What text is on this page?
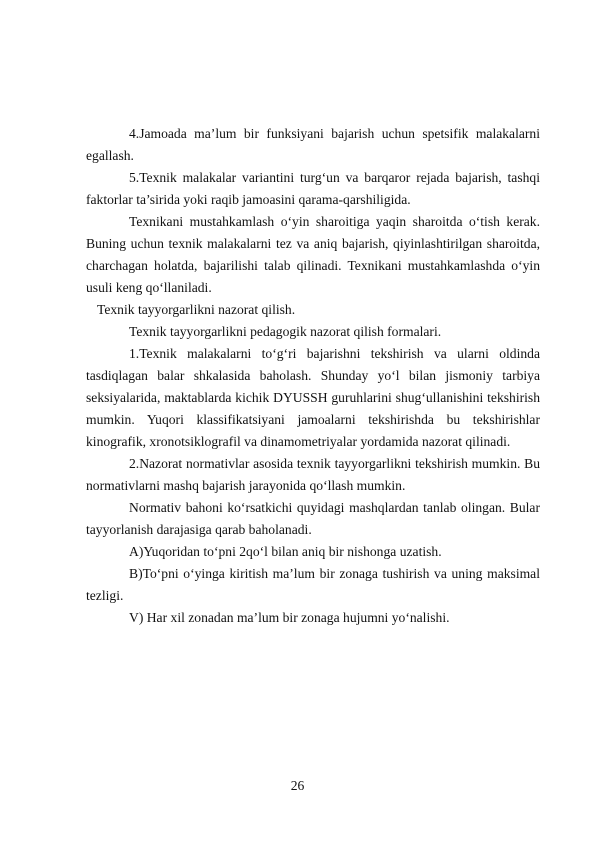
4.Jamoada ma’lum bir funksiyani bajarish uchun spetsifik malakalarni egallash.

5.Texnik malakalar variantini turg‘un va barqaror rejada bajarish, tashqi faktorlar ta’sirida yoki raqib jamoasini qarama-qarshiligida.

Texnikani mustahkamlash o‘yin sharoitiga yaqin sharoitda o‘tish kerak. Buning uchun texnik malakalarni tez va aniq bajarish, qiyinlashtirilgan sharoitda, charchagan holatda, bajarilishi talab qilinadi. Texnikani mustahkamlashda o‘yin usuli keng qo‘llaniladi.

Texnik tayyorgarlikni nazorat qilish.

Texnik tayyorgarlikni pedagogik nazorat qilish formalari.

1.Texnik malakalarni to‘g‘ri bajarishni tekshirish va ularni oldinda tasdiqlagan balar shkalasida baholash. Shunday yo‘l bilan jismoniy tarbiya seksiyalarida, maktablarda kichik DYUSSH guruhlarini shug‘ullanishini tekshirish mumkin. Yuqori klassifikatsiyani jamoalarni tekshirishda bu tekshirishlar kinografik, xronotsiklografil va dinamometriyalar yordamida nazorat qilinadi.

2.Nazorat normativlar asosida texnik tayyorgarlikni tekshirish mumkin. Bu normativlarni mashq bajarish jarayonida qo‘llash mumkin.

Normativ bahoni ko‘rsatkichi quyidagi mashqlardan tanlab olingan. Bular tayyorlanish darajasiga qarab baholanadi.

A)Yuqoridan to‘pni 2qo‘l bilan aniq bir nishonga uzatish.

B)To‘pni o‘yinga kiritish ma’lum bir zonaga tushirish va uning maksimal tezligi.

V) Har xil zonadan ma’lum bir zonaga hujumni yo‘nalishi.

26
